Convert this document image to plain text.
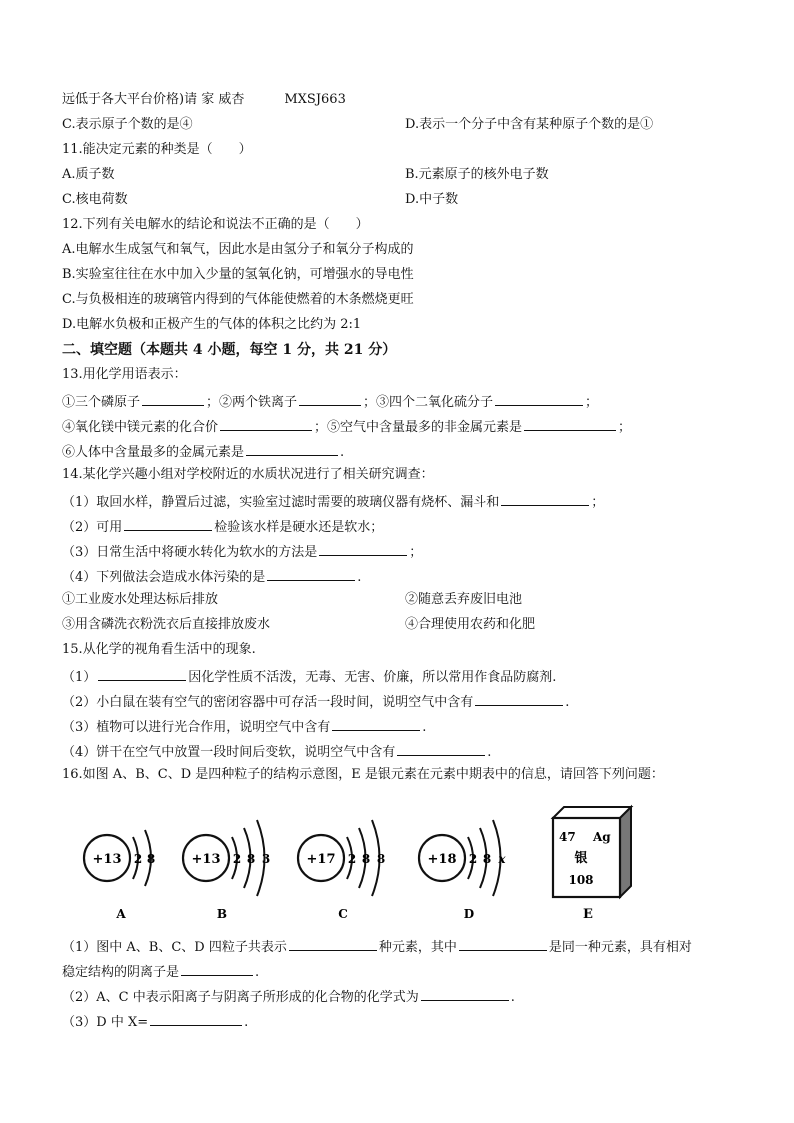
远低于各大平台价格)请 家 威杏	MXSJ663
C.表示原子个数的是④	D.表示一个分子中含有某种原子个数的是①
11.能决定元素的种类是（　　）
A.质子数	B.元素原子的核外电子数
C.核电荷数	D.中子数
12.下列有关电解水的结论和说法不正确的是（　　）
A.电解水生成氢气和氧气，因此水是由氢分子和氧分子构成的
B.实验室往往在水中加入少量的氢氧化钠，可增强水的导电性
C.与负极相连的玻璃管内得到的气体能使燃着的木条燃烧更旺
D.电解水负极和正极产生的气体的体积之比约为 2:1
二、填空题（本题共 4 小题，每空 1 分，共 21 分）
13.用化学用语表示：
①三个磷原子	；②两个铁离子	；③四个二氧化硫分子	；
④氧化镁中镁元素的化合价	；⑤空气中含量最多的非金属元素是	；
⑥人体中含量最多的金属元素是	.
14.某化学兴趣小组对学校附近的水质状况进行了相关研究调查：
（1）取回水样，静置后过滤，实验室过滤时需要的玻璃仪器有烧杯、漏斗和	；
（2）可用	检验该水样是硬水还是软水；
（3）日常生活中将硬水转化为软水的方法是	；
（4）下列做法会造成水体污染的是	.
①工业废水处理达标后排放	②随意丢弃废旧电池
③用含磷洗衣粉洗衣后直接排放废水	④合理使用农药和化肥
15.从化学的视角看生活中的现象.
（1）	因化学性质不活泼，无毒、无害、价廉，所以常用作食品防腐剂.
（2）小白鼠在装有空气的密闭容器中可存活一段时间，说明空气中含有	.
（3）植物可以进行光合作用，说明空气中含有	.
（4）饼干在空气中放置一段时间后变软，说明空气中含有	.
16.如图 A、B、C、D 是四种粒子的结构示意图，E 是银元素在元素中期表中的信息，请回答下列问题：
+13 2 8
A
+13 2 8 3
B
+17 2 8 8
C
+18 2 8 x
D
47 Ag
银
108
E
（1）图中 A、B、C、D 四粒子共表示	种元素，其中	是同一种元素，具有相对
稳定结构的阴离子是	.
（2）A、C 中表示阳离子与阴离子所形成的化合物的化学式为	.
（3）D 中 X=	.
